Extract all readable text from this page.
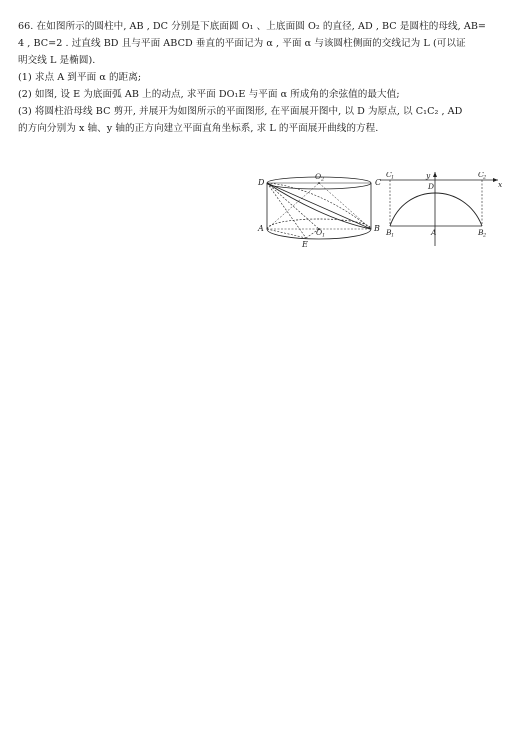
66. 在如图所示的圆柱中, AB , DC 分别是下底面圆 O₁ 、上底面圆 O₂ 的直径, AD , BC 是圆柱的母线, AB=
4 , BC=2 . 过直线 BD 且与平面 ABCD 垂直的平面记为 α , 平面 α 与该圆柱侧面的交线记为 L (可以证
明交线 L 是椭圆).
(1) 求点 A 到平面 α 的距离;
(2) 如图, 设 E 为底面弧 AB 上的动点, 求平面 DO₁E 与平面 α 所成角的余弦值的最大值;
(3) 将圆柱沿母线 BC 剪开, 并展开为如图所示的平面图形, 在平面展开图中, 以 D 为原点, 以 C₁C₂ , AD
的方向分别为 x 轴、y 轴的正方向建立平面直角坐标系, 求 L 的平面展开曲线的方程.
D
O 2	C
A	O 1
B
E
y
x
C 1
D
C 2
B 1	A	B 2
